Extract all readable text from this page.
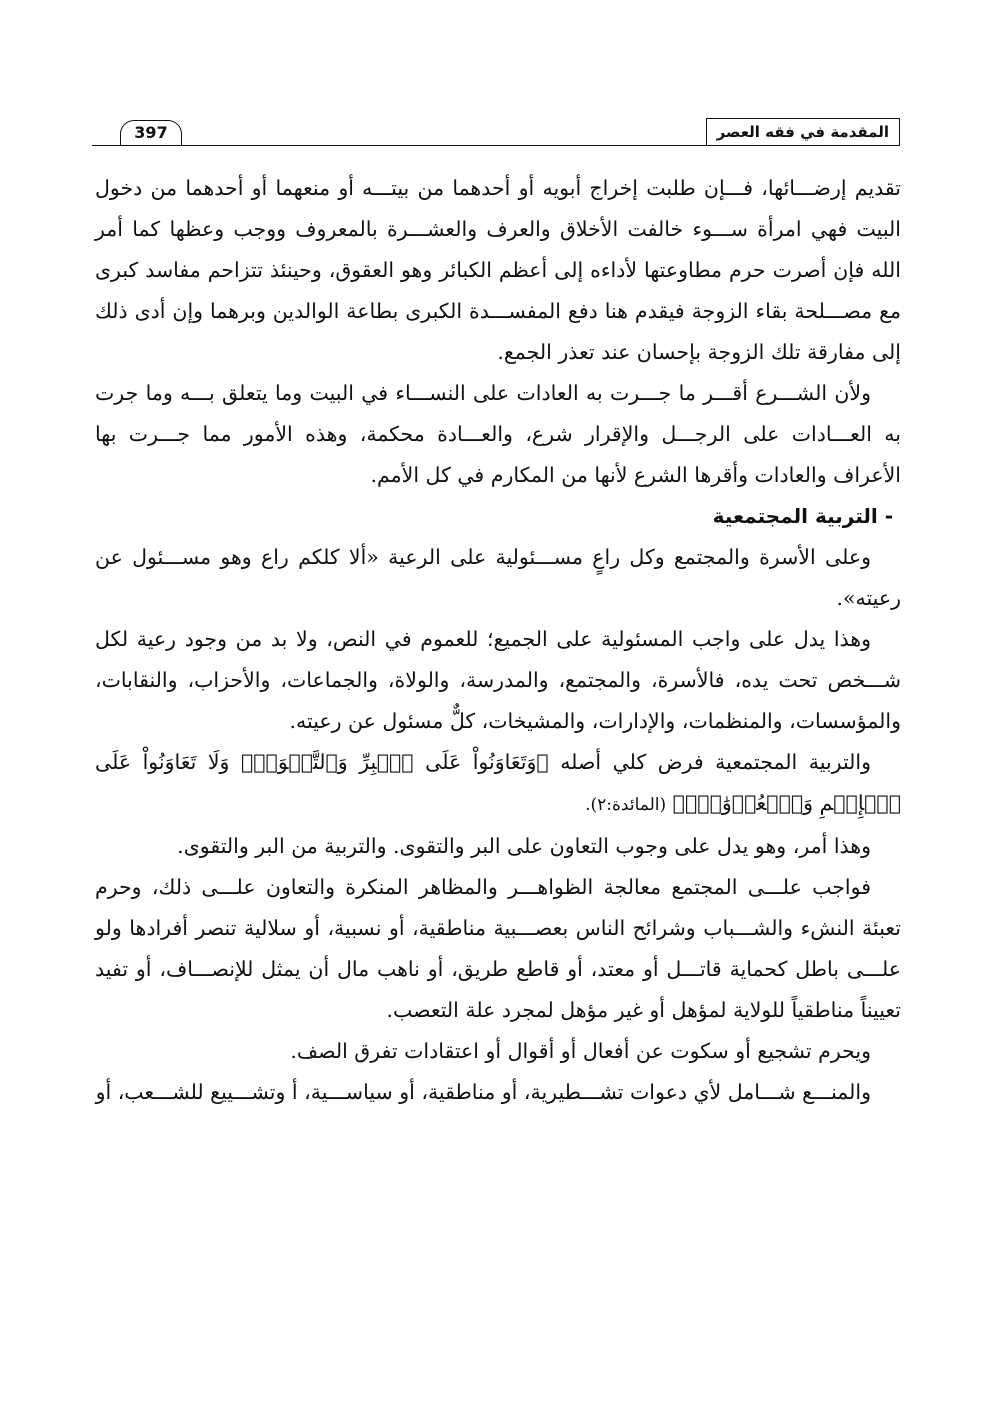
المقدمة في فقه العصر
397

تقديم إرضـــائها، فـــإن طلبت إخراج أبويه أو أحدهما من بيتـــه أو منعهما أو أحدهما من دخول البيت فهي امرأة ســـوء خالفت الأخلاق والعرف والعشـــرة بالمعروف ووجب وعظها كما أمر الله فإن أصرت حرم مطاوعتها لأداءه إلى أعظم الكبائر وهو العقوق، وحينئذ تتزاحم مفاسد كبرى مع مصـــلحة بقاء الزوجة فيقدم هنا دفع المفســـدة الكبرى بطاعة الوالدين وبرهما وإن أدى ذلك إلى مفارقة تلك الزوجة بإحسان عند تعذر الجمع.

ولأن الشـــرع أقـــر ما جـــرت به العادات على النســـاء في البيت وما يتعلق بـــه وما جرت به العـــادات على الرجـــل والإقرار شرع، والعـــادة محكمة، وهذه الأمور مما جـــرت بها الأعراف والعادات وأقرها الشرع لأنها من المكارم في كل الأمم.

- التربية المجتمعية

وعلى الأسرة والمجتمع وكل راعٍ مســـئولية على الرعية «ألا كلكم راع وهو مســـئول عن رعيته».

وهذا يدل على واجب المسئولية على الجميع؛ للعموم في النص، ولا بد من وجود رعية لكل شـــخص تحت يده، فالأسرة، والمجتمع، والمدرسة، والولاة، والجماعات، والأحزاب، والنقابات، والمؤسسات، والمنظمات، والإدارات، والمشيخات، كلٌّ مسئول عن رعيته.

والتربية المجتمعية فرض كلي أصله ﴿وَتَعَاوَنُواْ عَلَى ٱلۡبِرِّ وَٱلتَّقۡوَىٰۖ وَلَا تَعَاوَنُواْ عَلَى ٱلۡإِثۡمِ وَٱلۡعُدۡوَٰنِۚ﴾ (المائدة:٢).

وهذا أمر، وهو يدل على وجوب التعاون على البر والتقوى. والتربية من البر والتقوى.

فواجب علـــى المجتمع معالجة الظواهـــر والمظاهر المنكرة والتعاون علـــى ذلك، وحرم تعبئة النشء والشـــباب وشرائح الناس بعصـــبية مناطقية، أو نسبية، أو سلالية تنصر أفرادها ولو علـــى باطل كحماية قاتـــل أو معتد، أو قاطع طريق، أو ناهب مال أن يمثل للإنصـــاف، أو تفيد تعييناً مناطقياً للولاية لمؤهل أو غير مؤهل لمجرد علة التعصب.

ويحرم تشجيع أو سكوت عن أفعال أو أقوال أو اعتقادات تفرق الصف.

والمنـــع شـــامل لأي دعوات تشـــطيرية، أو مناطقية، أو سياســـية، أ وتشـــييع للشـــعب، أو
